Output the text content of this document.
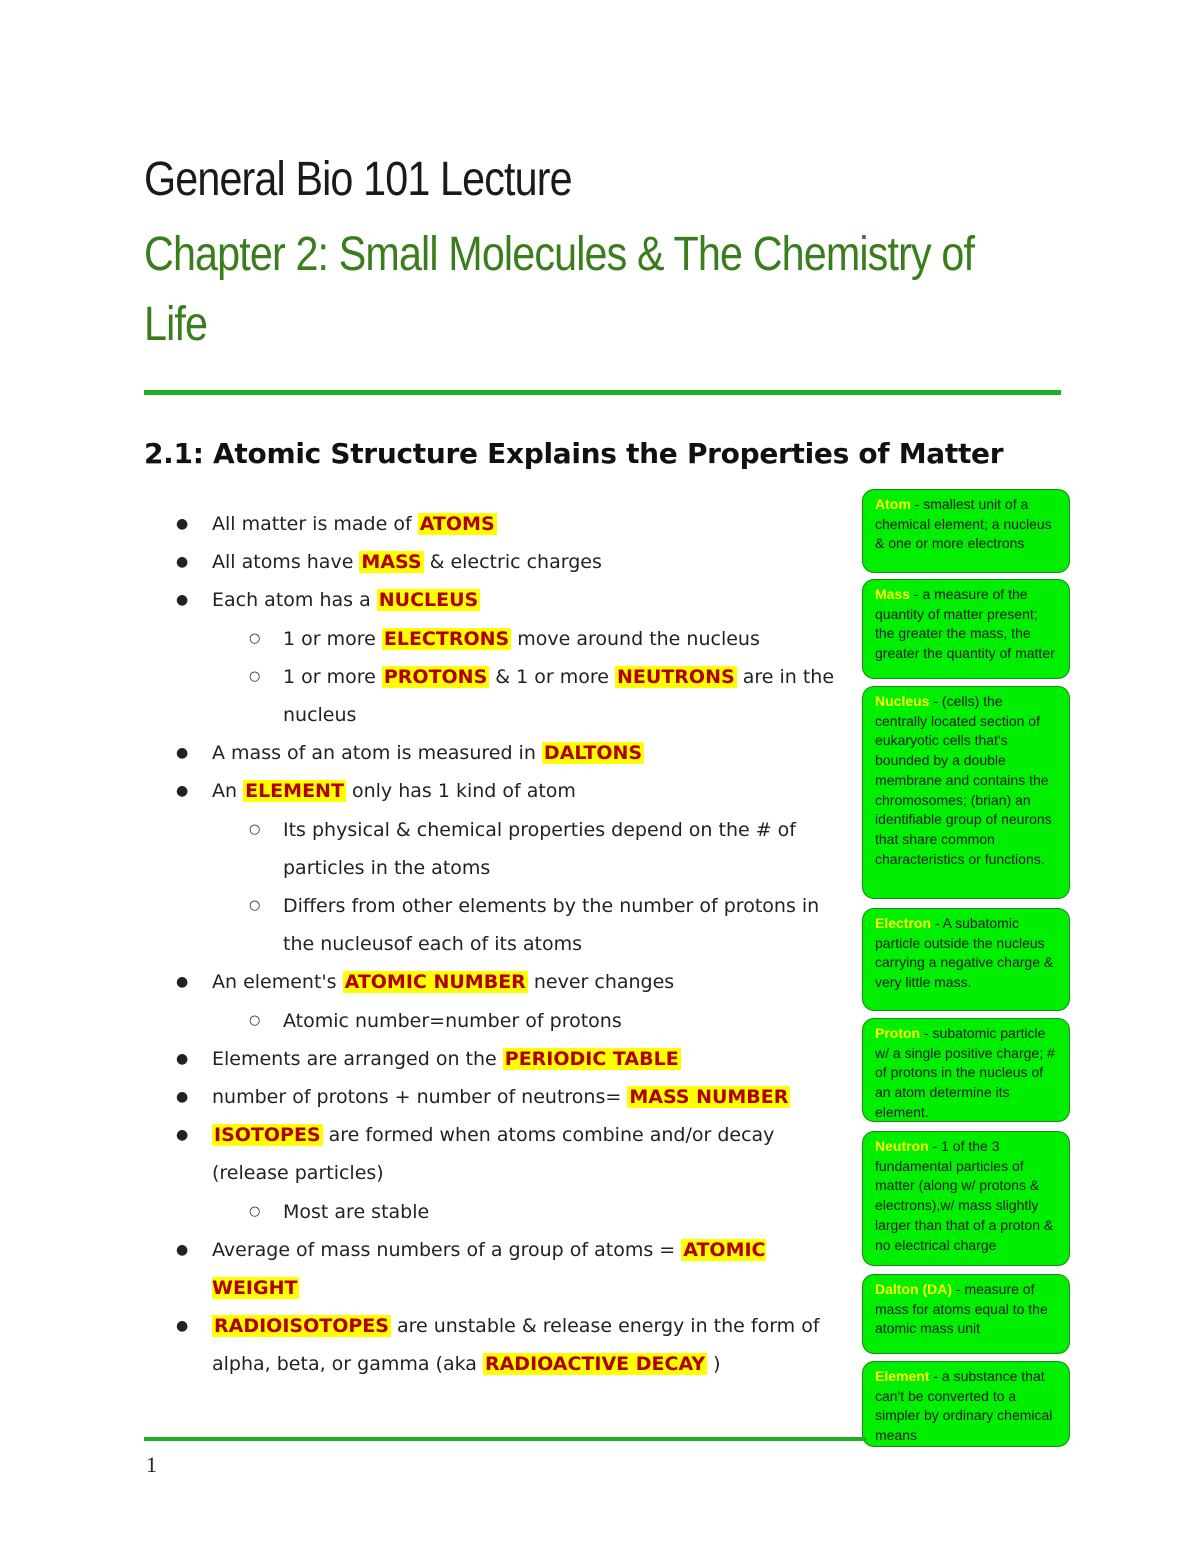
General Bio 101 Lecture
Chapter 2: Small Molecules & The Chemistry of Life
2.1: Atomic Structure Explains the Properties of Matter
● All matter is made of ATOMS
● All atoms have MASS & electric charges
● Each atom has a NUCLEUS
○ 1 or more ELECTRONS move around the nucleus
○ 1 or more PROTONS & 1 or more NEUTRONS are in the nucleus
● A mass of an atom is measured in DALTONS
● An ELEMENT only has 1 kind of atom
○ Its physical & chemical properties depend on the # of particles in the atoms
○ Differs from other elements by the number of protons in the nucleusof each of its atoms
● An element's ATOMIC NUMBER never changes
○ Atomic number=number of protons
● Elements are arranged on the PERIODIC TABLE
● number of protons + number of neutrons= MASS NUMBER
● ISOTOPES are formed when atoms combine and/or decay (release particles)
○ Most are stable
● Average of mass numbers of a group of atoms = ATOMIC WEIGHT
● RADIOISOTOPES are unstable & release energy in the form of alpha, beta, or gamma (aka RADIOACTIVE DECAY )
Atom - smallest unit of a chemical element; a nucleus & one or more electrons
Mass - a measure of the quantity of matter present; the greater the mass, the greater the quantity of matter
Nucleus - (cells) the centrally located section of eukaryotic cells that's bounded by a double membrane and contains the chromosomes; (brian) an identifiable group of neurons that share common characteristics or functions.
Electron - A subatomic particle outside the nucleus carrying a negative charge & very little mass.
Proton - subatomic particle w/ a single positive charge; # of protons in the nucleus of an atom determine its element.
Neutron - 1 of the 3 fundamental particles of matter (along w/ protons & electrons),w/ mass slightly larger than that of a proton & no electrical charge
Dalton (DA) - measure of mass for atoms equal to the atomic mass unit
Element - a substance that can't be converted to a simpler by ordinary chemical means
1
